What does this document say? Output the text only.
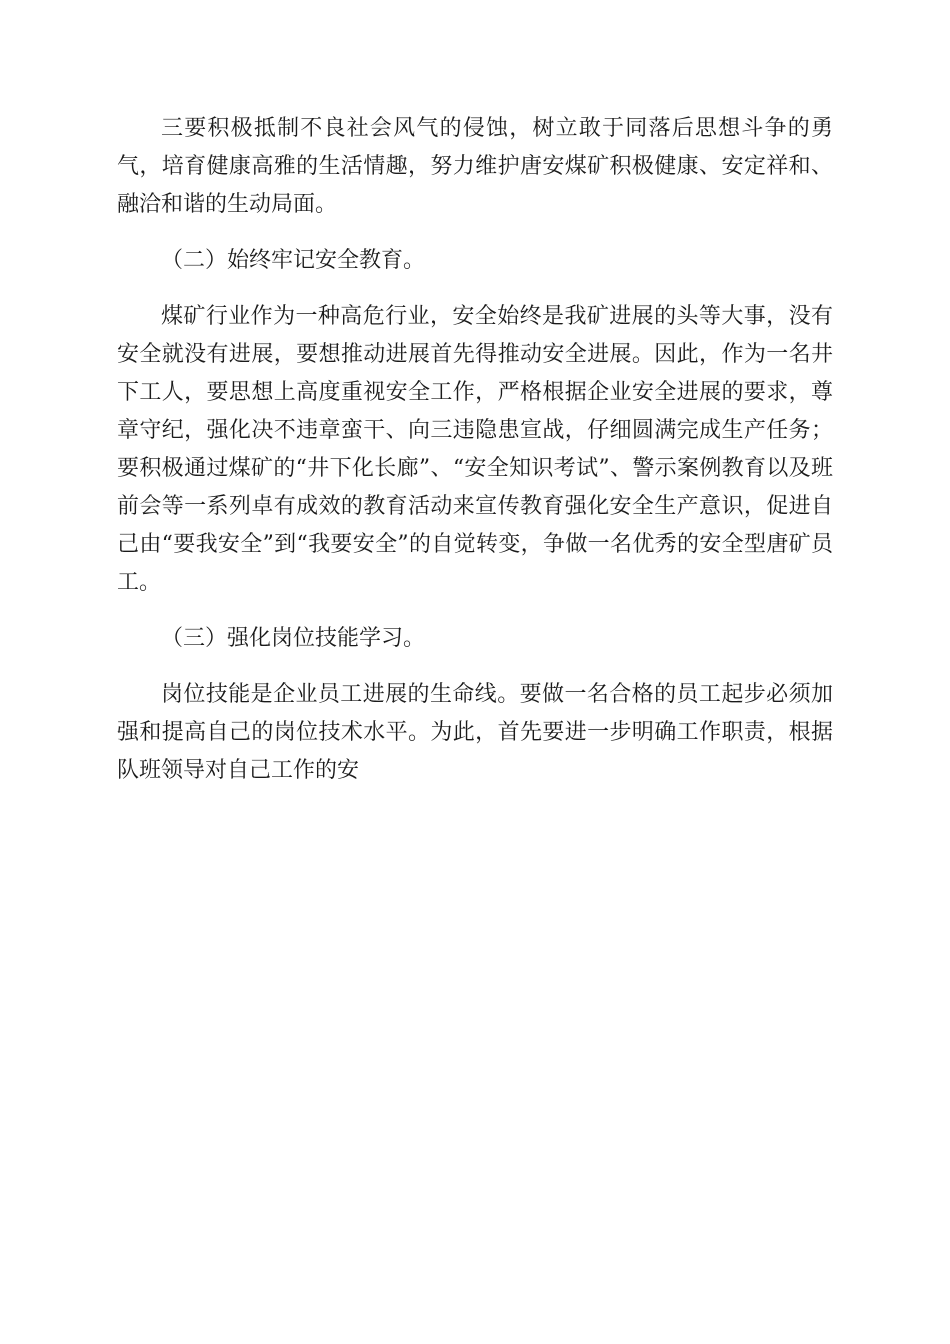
三要积极抵制不良社会风气的侵蚀，树立敢于同落后思想斗争的勇气，培育健康高雅的生活情趣，努力维护唐安煤矿积极健康、安定祥和、融洽和谐的生动局面。

（二）始终牢记安全教育。

煤矿行业作为一种高危行业，安全始终是我矿进展的头等大事，没有安全就没有进展，要想推动进展首先得推动安全进展。因此，作为一名井下工人，要思想上高度重视安全工作，严格根据企业安全进展的要求，尊章守纪，强化决不违章蛮干、向三违隐患宣战，仔细圆满完成生产任务；要积极通过煤矿的“井下化长廊”、“安全知识考试”、警示案例教育以及班前会等一系列卓有成效的教育活动来宣传教育强化安全生产意识，促进自己由“要我安全”到“我要安全”的自觉转变，争做一名优秀的安全型唐矿员工。

（三）强化岗位技能学习。

岗位技能是企业员工进展的生命线。要做一名合格的员工起步必须加强和提高自己的岗位技术水平。为此，首先要进一步明确工作职责，根据队班领导对自己工作的安
